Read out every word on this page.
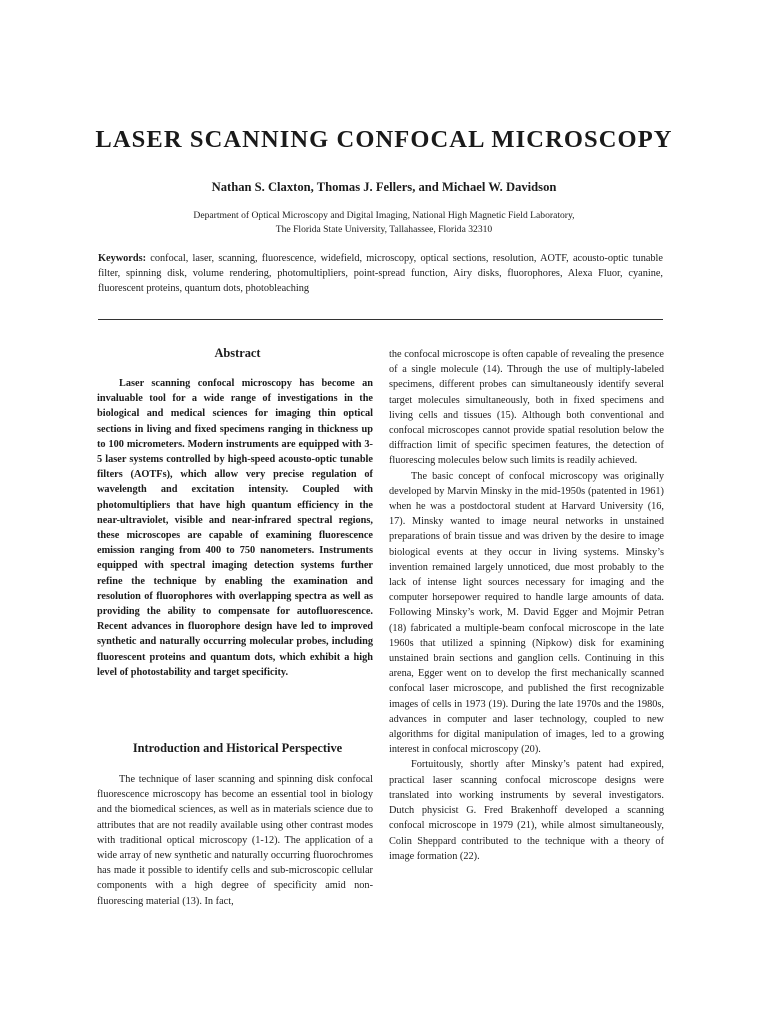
LASER SCANNING CONFOCAL MICROSCOPY
Nathan S. Claxton, Thomas J. Fellers, and Michael W. Davidson
Department of Optical Microscopy and Digital Imaging, National High Magnetic Field Laboratory,
The Florida State University, Tallahassee, Florida 32310
Keywords: confocal, laser, scanning, fluorescence, widefield, microscopy, optical sections, resolution, AOTF, acousto-optic tunable filter, spinning disk, volume rendering, photomultipliers, point-spread function, Airy disks, fluorophores, Alexa Fluor, cyanine, fluorescent proteins, quantum dots, photobleaching
Abstract

Laser scanning confocal microscopy has become an invaluable tool for a wide range of investigations in the biological and medical sciences for imaging thin optical sections in living and fixed specimens ranging in thickness up to 100 micrometers. Modern instruments are equipped with 3-5 laser systems controlled by high-speed acousto-optic tunable filters (AOTFs), which allow very precise regulation of wavelength and excitation intensity. Coupled with photomultipliers that have high quantum efficiency in the near-ultraviolet, visible and near-infrared spectral regions, these microscopes are capable of examining fluorescence emission ranging from 400 to 750 nanometers. Instruments equipped with spectral imaging detection systems further refine the technique by enabling the examination and resolution of fluorophores with overlapping spectra as well as providing the ability to compensate for autofluorescence. Recent advances in fluorophore design have led to improved synthetic and naturally occurring molecular probes, including fluorescent proteins and quantum dots, which exhibit a high level of photostability and target specificity.

Introduction and Historical Perspective

The technique of laser scanning and spinning disk confocal fluorescence microscopy has become an essential tool in biology and the biomedical sciences, as well as in materials science due to attributes that are not readily available using other contrast modes with traditional optical microscopy (1-12). The application of a wide array of new synthetic and naturally occurring fluorochromes has made it possible to identify cells and sub-microscopic cellular components with a high degree of specificity amid non-fluorescing material (13). In fact,

the confocal microscope is often capable of revealing the presence of a single molecule (14). Through the use of multiply-labeled specimens, different probes can simultaneously identify several target molecules simultaneously, both in fixed specimens and living cells and tissues (15). Although both conventional and confocal microscopes cannot provide spatial resolution below the diffraction limit of specific specimen features, the detection of fluorescing molecules below such limits is readily achieved.

The basic concept of confocal microscopy was originally developed by Marvin Minsky in the mid-1950s (patented in 1961) when he was a postdoctoral student at Harvard University (16, 17). Minsky wanted to image neural networks in unstained preparations of brain tissue and was driven by the desire to image biological events at they occur in living systems. Minsky’s invention remained largely unnoticed, due most probably to the lack of intense light sources necessary for imaging and the computer horsepower required to handle large amounts of data. Following Minsky’s work, M. David Egger and Mojmir Petran (18) fabricated a multiple-beam confocal microscope in the late 1960s that utilized a spinning (Nipkow) disk for examining unstained brain sections and ganglion cells. Continuing in this arena, Egger went on to develop the first mechanically scanned confocal laser microscope, and published the first recognizable images of cells in 1973 (19). During the late 1970s and the 1980s, advances in computer and laser technology, coupled to new algorithms for digital manipulation of images, led to a growing interest in confocal microscopy (20).

Fortuitously, shortly after Minsky’s patent had expired, practical laser scanning confocal microscope designs were translated into working instruments by several investigators. Dutch physicist G. Fred Brakenhoff developed a scanning confocal microscope in 1979 (21), while almost simultaneously, Colin Sheppard contributed to the technique with a theory of image formation (22).
